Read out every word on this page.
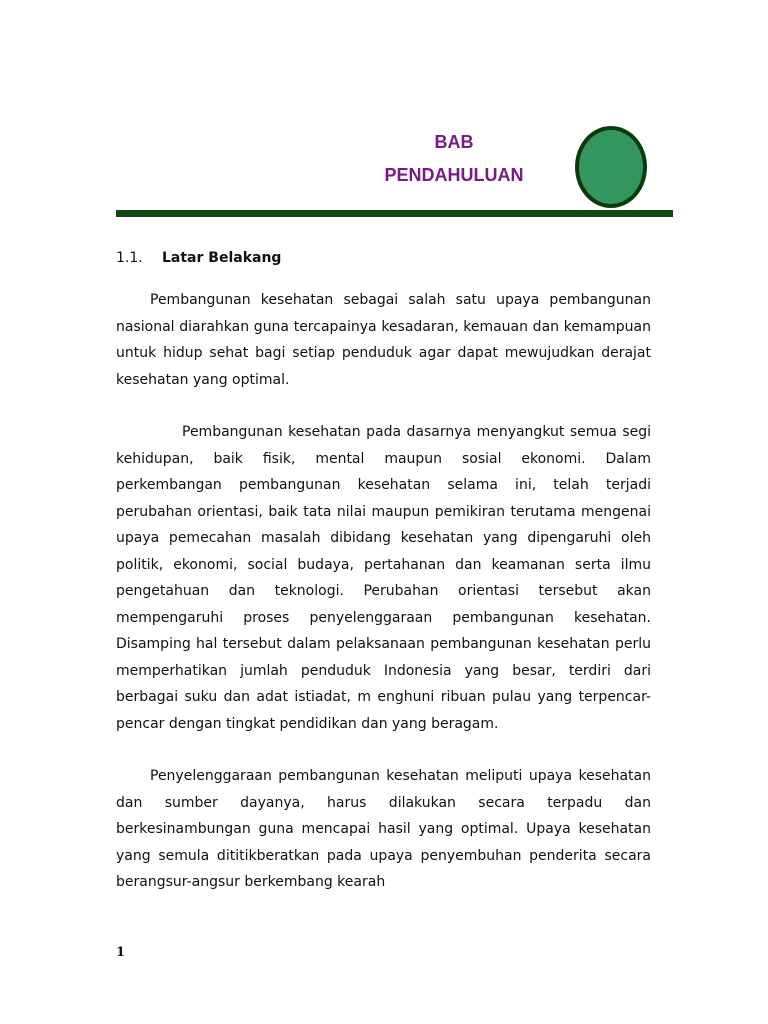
BAB
PENDAHULUAN

1.1. Latar Belakang

Pembangunan kesehatan sebagai salah satu upaya pembangunan nasional diarahkan guna tercapainya kesadaran, kemauan dan kemampuan untuk hidup sehat bagi setiap penduduk agar dapat mewujudkan derajat kesehatan yang optimal.

Pembangunan kesehatan pada dasarnya menyangkut semua segi kehidupan, baik fisik, mental maupun sosial ekonomi. Dalam perkembangan pembangunan kesehatan selama ini, telah terjadi perubahan orientasi, baik tata nilai maupun pemikiran terutama mengenai upaya pemecahan masalah dibidang kesehatan yang dipengaruhi oleh politik, ekonomi, social budaya, pertahanan dan keamanan serta ilmu pengetahuan dan teknologi. Perubahan orientasi tersebut akan mempengaruhi proses penyelenggaraan pembangunan kesehatan. Disamping hal tersebut dalam pelaksanaan pembangunan kesehatan perlu memperhatikan jumlah penduduk Indonesia yang besar, terdiri dari berbagai suku dan adat istiadat, m enghuni ribuan pulau yang terpencar-pencar dengan tingkat pendidikan dan yang beragam.

Penyelenggaraan pembangunan kesehatan meliputi upaya kesehatan dan sumber dayanya, harus dilakukan secara terpadu dan berkesinambungan guna mencapai hasil yang optimal. Upaya kesehatan yang semula dititikberatkan pada upaya penyembuhan penderita secara berangsur-angsur berkembang kearah

1
